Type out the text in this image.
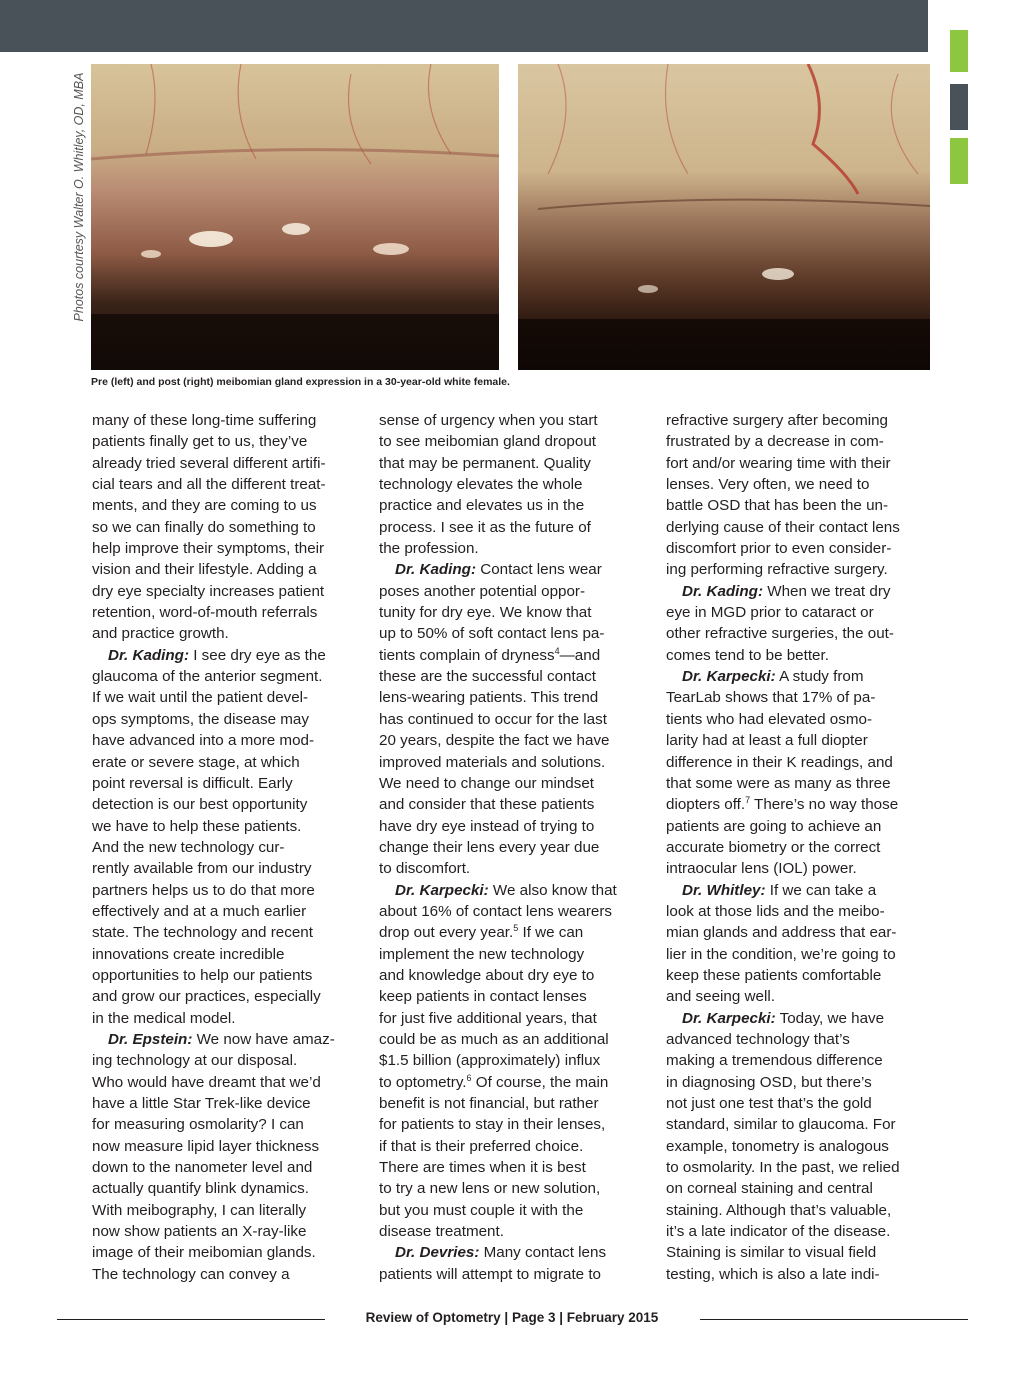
Photos courtesy Walter O. Whitley, OD, MBA
Pre (left) and post (right) meibomian gland expression in a 30-year-old white female.

many of these long-time suffering

patients finally get to us, they’ve

already tried several different artifi-

cial tears and all the different treat-

ments, and they are coming to us

so we can finally do something to

help improve their symptoms, their

vision and their lifestyle. Adding a

dry eye specialty increases patient

retention, word-of-mouth referrals

and practice growth.

Dr. Kading: I see dry eye as the

glaucoma of the anterior segment.

If we wait until the patient devel-

ops symptoms, the disease may

have advanced into a more mod-

erate or severe stage, at which

point reversal is difficult. Early

detection is our best opportunity

we have to help these patients.

And the new technology cur-

rently available from our industry

partners helps us to do that more

effectively and at a much earlier

state. The technology and recent

innovations create incredible

opportunities to help our patients

and grow our practices, especially

in the medical model.

Dr. Epstein: We now have amaz-

ing technology at our disposal.

Who would have dreamt that we’d

have a little Star Trek-like device

for measuring osmolarity? I can

now measure lipid layer thickness

down to the nanometer level and

actually quantify blink dynamics.

With meibography, I can literally

now show patients an X-ray-like

image of their meibomian glands.

The technology can convey a

sense of urgency when you start

to see meibomian gland dropout

that may be permanent. Quality

technology elevates the whole

practice and elevates us in the

process. I see it as the future of

the profession.

Dr. Kading: Contact lens wear

poses another potential oppor-

tunity for dry eye. We know that

up to 50% of soft contact lens pa-

tients complain of dryness$^4$—and

these are the successful contact

lens-wearing patients. This trend

has continued to occur for the last

20 years, despite the fact we have

improved materials and solutions.

We need to change our mindset

and consider that these patients

have dry eye instead of trying to

change their lens every year due

to discomfort.

Dr. Karpecki: We also know that

about 16% of contact lens wearers

drop out every year.$^5$ If we can

implement the new technology

and knowledge about dry eye to

keep patients in contact lenses

for just five additional years, that

could be as much as an additional

$1.5 billion (approximately) influx

to optometry.$^6$ Of course, the main

benefit is not financial, but rather

for patients to stay in their lenses,

if that is their preferred choice.

There are times when it is best

to try a new lens or new solution,

but you must couple it with the

disease treatment.

Dr. Devries: Many contact lens

patients will attempt to migrate to

refractive surgery after becoming

frustrated by a decrease in com-

fort and/or wearing time with their

lenses. Very often, we need to

battle OSD that has been the un-

derlying cause of their contact lens

discomfort prior to even consider-

ing performing refractive surgery.

Dr. Kading: When we treat dry

eye in MGD prior to cataract or

other refractive surgeries, the out-

comes tend to be better.

Dr. Karpecki: A study from

TearLab shows that 17% of pa-

tients who had elevated osmo-

larity had at least a full diopter

difference in their K readings, and

that some were as many as three

diopters off.$^7$ There’s no way those

patients are going to achieve an

accurate biometry or the correct

intraocular lens (IOL) power.

Dr. Whitley: If we can take a

look at those lids and the meibo-

mian glands and address that ear-

lier in the condition, we’re going to

keep these patients comfortable

and seeing well.

Dr. Karpecki: Today, we have

advanced technology that’s

making a tremendous difference

in diagnosing OSD, but there’s

not just one test that’s the gold

standard, similar to glaucoma. For

example, tonometry is analogous

to osmolarity. In the past, we relied

on corneal staining and central

staining. Although that’s valuable,

it’s a late indicator of the disease.

Staining is similar to visual field

testing, which is also a late indi-

Review of Optometry | Page 3 | February 2015
